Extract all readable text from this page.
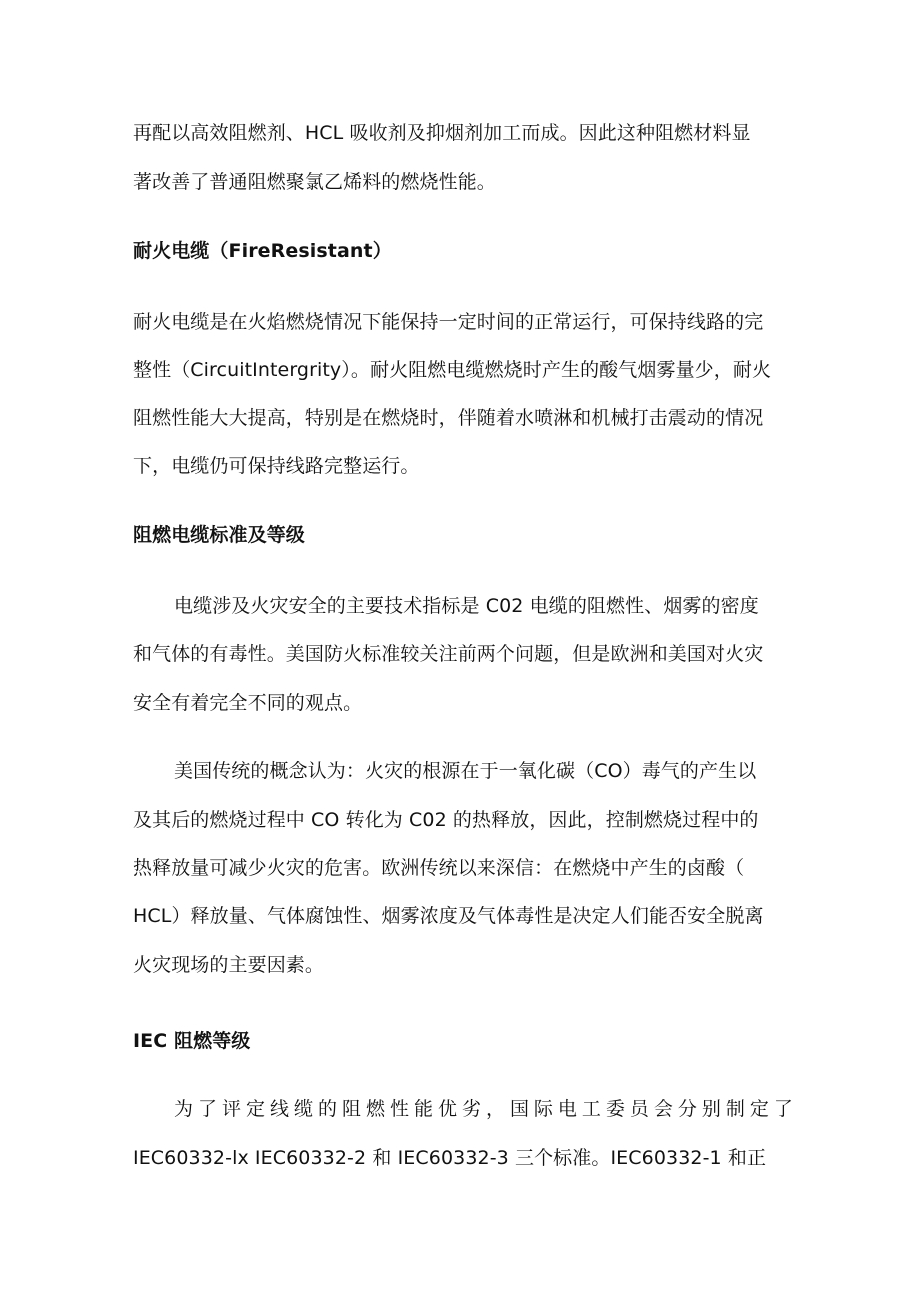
再配以高效阻燃剂、HCL 吸收剂及抑烟剂加工而成。因此这种阻燃材料显
著改善了普通阻燃聚氯乙烯料的燃烧性能。
耐火电缆（FireResistant）
耐火电缆是在火焰燃烧情况下能保持一定时间的正常运行，可保持线路的完
整性（CircuitIntergrity）。耐火阻燃电缆燃烧时产生的酸气烟雾量少，耐火
阻燃性能大大提高，特别是在燃烧时，伴随着水喷淋和机械打击震动的情况
下，电缆仍可保持线路完整运行。
阻燃电缆标准及等级
电缆涉及火灾安全的主要技术指标是 C02 电缆的阻燃性、烟雾的密度
和气体的有毒性。美国防火标准较关注前两个问题，但是欧洲和美国对火灾
安全有着完全不同的观点。
美国传统的概念认为：火灾的根源在于一氧化碳（CO）毒气的产生以
及其后的燃烧过程中 CO 转化为 C02 的热释放，因此，控制燃烧过程中的
热释放量可减少火灾的危害。欧洲传统以来深信：在燃烧中产生的卤酸（
HCL）释放量、气体腐蚀性、烟雾浓度及气体毒性是决定人们能否安全脱离
火灾现场的主要因素。
IEC 阻燃等级
为了评定线缆的阻燃性能优劣，国际电工委员会分别制定了
IEC60332-lx IEC60332-2 和 IEC60332-3 三个标准。IEC60332-1 和正
